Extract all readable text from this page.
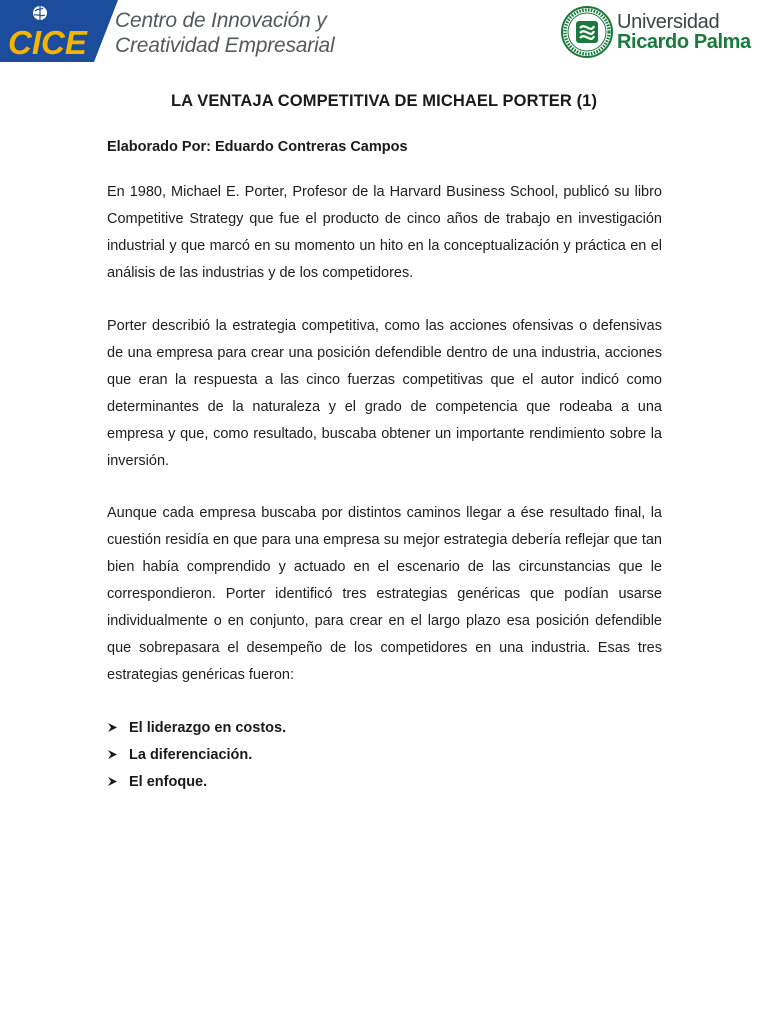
CICE
Centro de Innovación y
Creatividad Empresarial
Universidad
Ricardo Palma
LA VENTAJA COMPETITIVA DE MICHAEL PORTER (1)
Elaborado Por: Eduardo Contreras Campos

En 1980, Michael E. Porter, Profesor de la Harvard Business School, publicó su libro Competitive Strategy que fue el producto de cinco años de trabajo en investigación industrial y que marcó en su momento un hito en la conceptualización y práctica en el análisis de las industrias y de los competidores.

Porter describió la estrategia competitiva, como las acciones ofensivas o defensivas de una empresa para crear una posición defendible dentro de una industria, acciones que eran la respuesta a las cinco fuerzas competitivas que el autor indicó como determinantes de la naturaleza y el grado de competencia que rodeaba a una empresa y que, como resultado, buscaba obtener un importante rendimiento sobre la inversión.

Aunque cada empresa buscaba por distintos caminos llegar a ése resultado final, la cuestión residía en que para una empresa su mejor estrategia debería reflejar que tan bien había comprendido y actuado en el escenario de las circunstancias que le correspondieron. Porter identificó tres estrategias genéricas que podían usarse individualmente o en conjunto, para crear en el largo plazo esa posición defendible que sobrepasara el desempeño de los competidores en una industria. Esas tres estrategias genéricas fueron:

El liderazgo en costos.
La diferenciación.
El enfoque.
